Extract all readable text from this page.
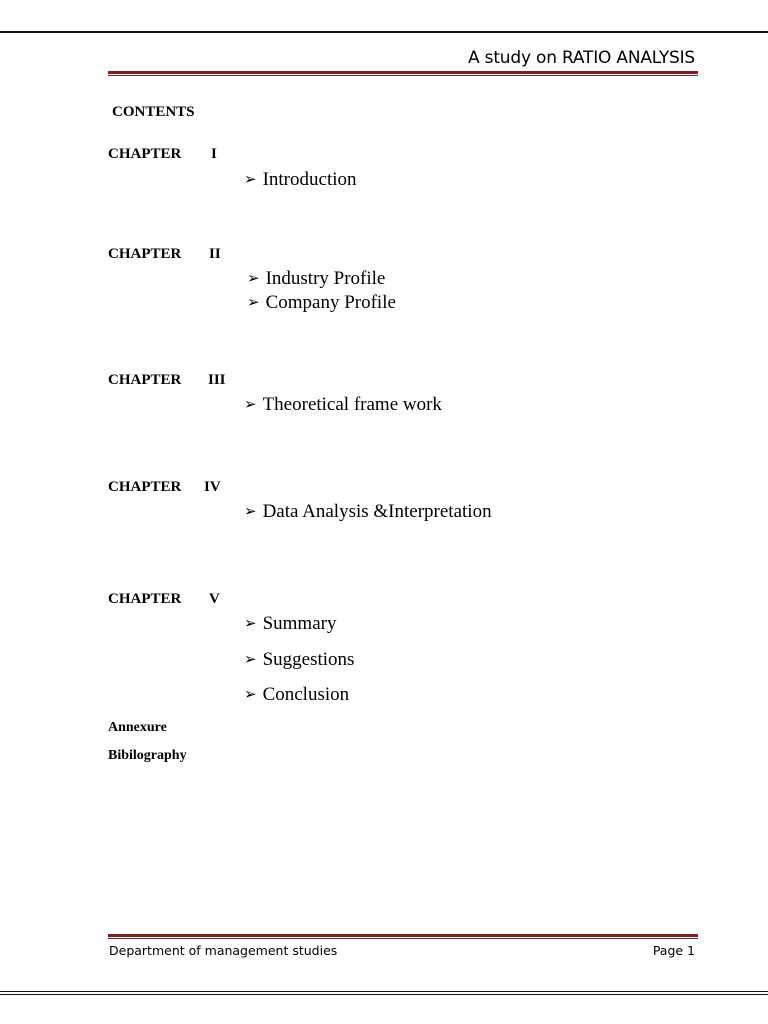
A study on RATIO ANALYSIS
CONTENTS
CHAPTER I
➢ Introduction
CHAPTER II
➢ Industry Profile
➢ Company Profile
CHAPTER III
➢ Theoretical frame work
CHAPTER IV
➢ Data Analysis &Interpretation
CHAPTER V
➢ Summary
➢ Suggestions
➢ Conclusion
Annexure
Bibilography
Department of management studies	Page 1
